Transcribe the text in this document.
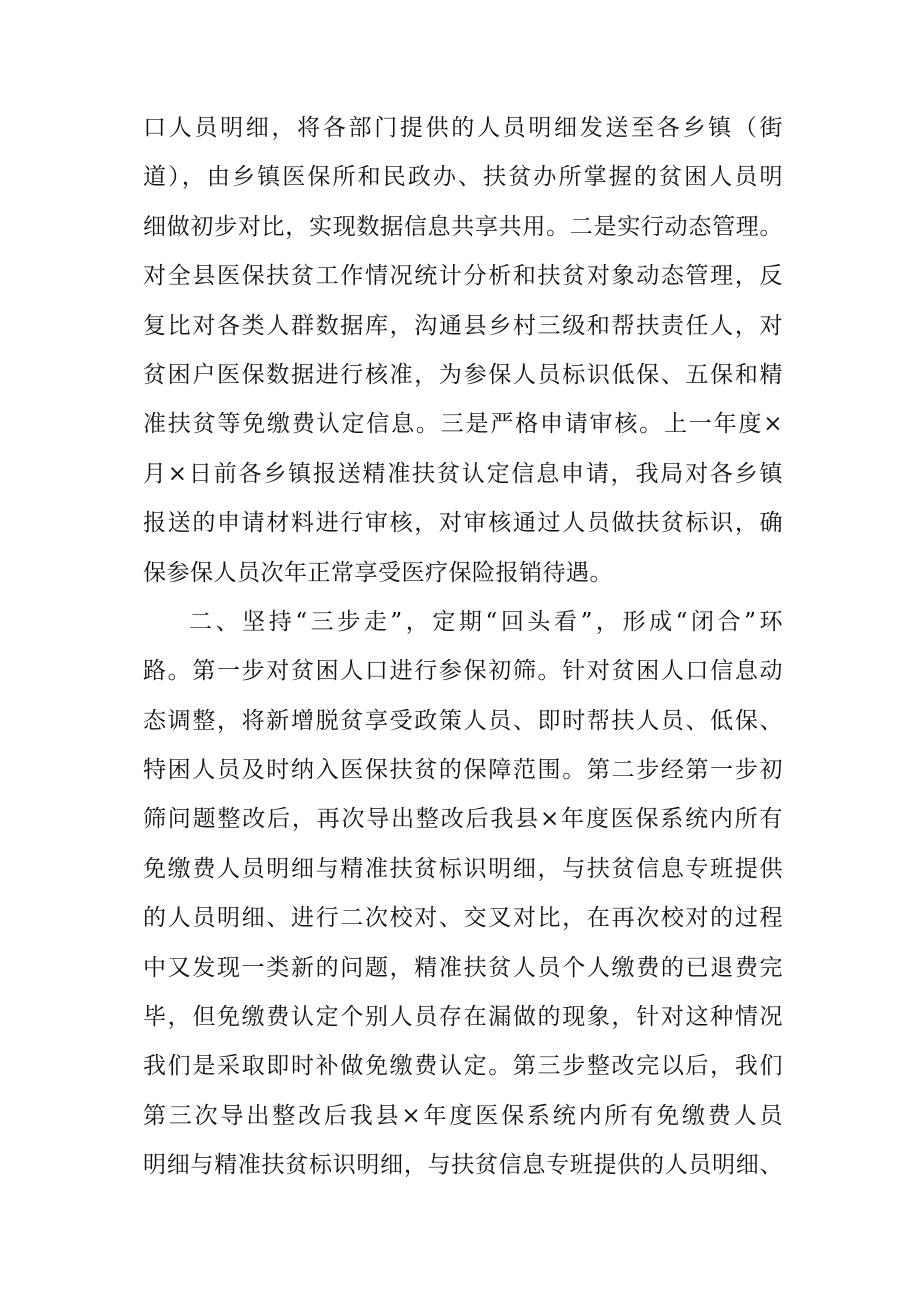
口人员明细，将各部门提供的人员明细发送至各乡镇（街
道），由乡镇医保所和民政办、扶贫办所掌握的贫困人员明
细做初步对比，实现数据信息共享共用。二是实行动态管理。
对全县医保扶贫工作情况统计分析和扶贫对象动态管理，反
复比对各类人群数据库，沟通县乡村三级和帮扶责任人，对
贫困户医保数据进行核准，为参保人员标识低保、五保和精
准扶贫等免缴费认定信息。三是严格申请审核。上一年度×
月×日前各乡镇报送精准扶贫认定信息申请，我局对各乡镇
报送的申请材料进行审核，对审核通过人员做扶贫标识，确
保参保人员次年正常享受医疗保险报销待遇。
二、坚持“三步走”，定期“回头看”，形成“闭合”环
路。第一步对贫困人口进行参保初筛。针对贫困人口信息动
态调整，将新增脱贫享受政策人员、即时帮扶人员、低保、
特困人员及时纳入医保扶贫的保障范围。第二步经第一步初
筛问题整改后，再次导出整改后我县×年度医保系统内所有
免缴费人员明细与精准扶贫标识明细，与扶贫信息专班提供
的人员明细、进行二次校对、交叉对比，在再次校对的过程
中又发现一类新的问题，精准扶贫人员个人缴费的已退费完
毕，但免缴费认定个别人员存在漏做的现象，针对这种情况
我们是采取即时补做免缴费认定。第三步整改完以后，我们
第三次导出整改后我县×年度医保系统内所有免缴费人员
明细与精准扶贫标识明细，与扶贫信息专班提供的人员明细、
